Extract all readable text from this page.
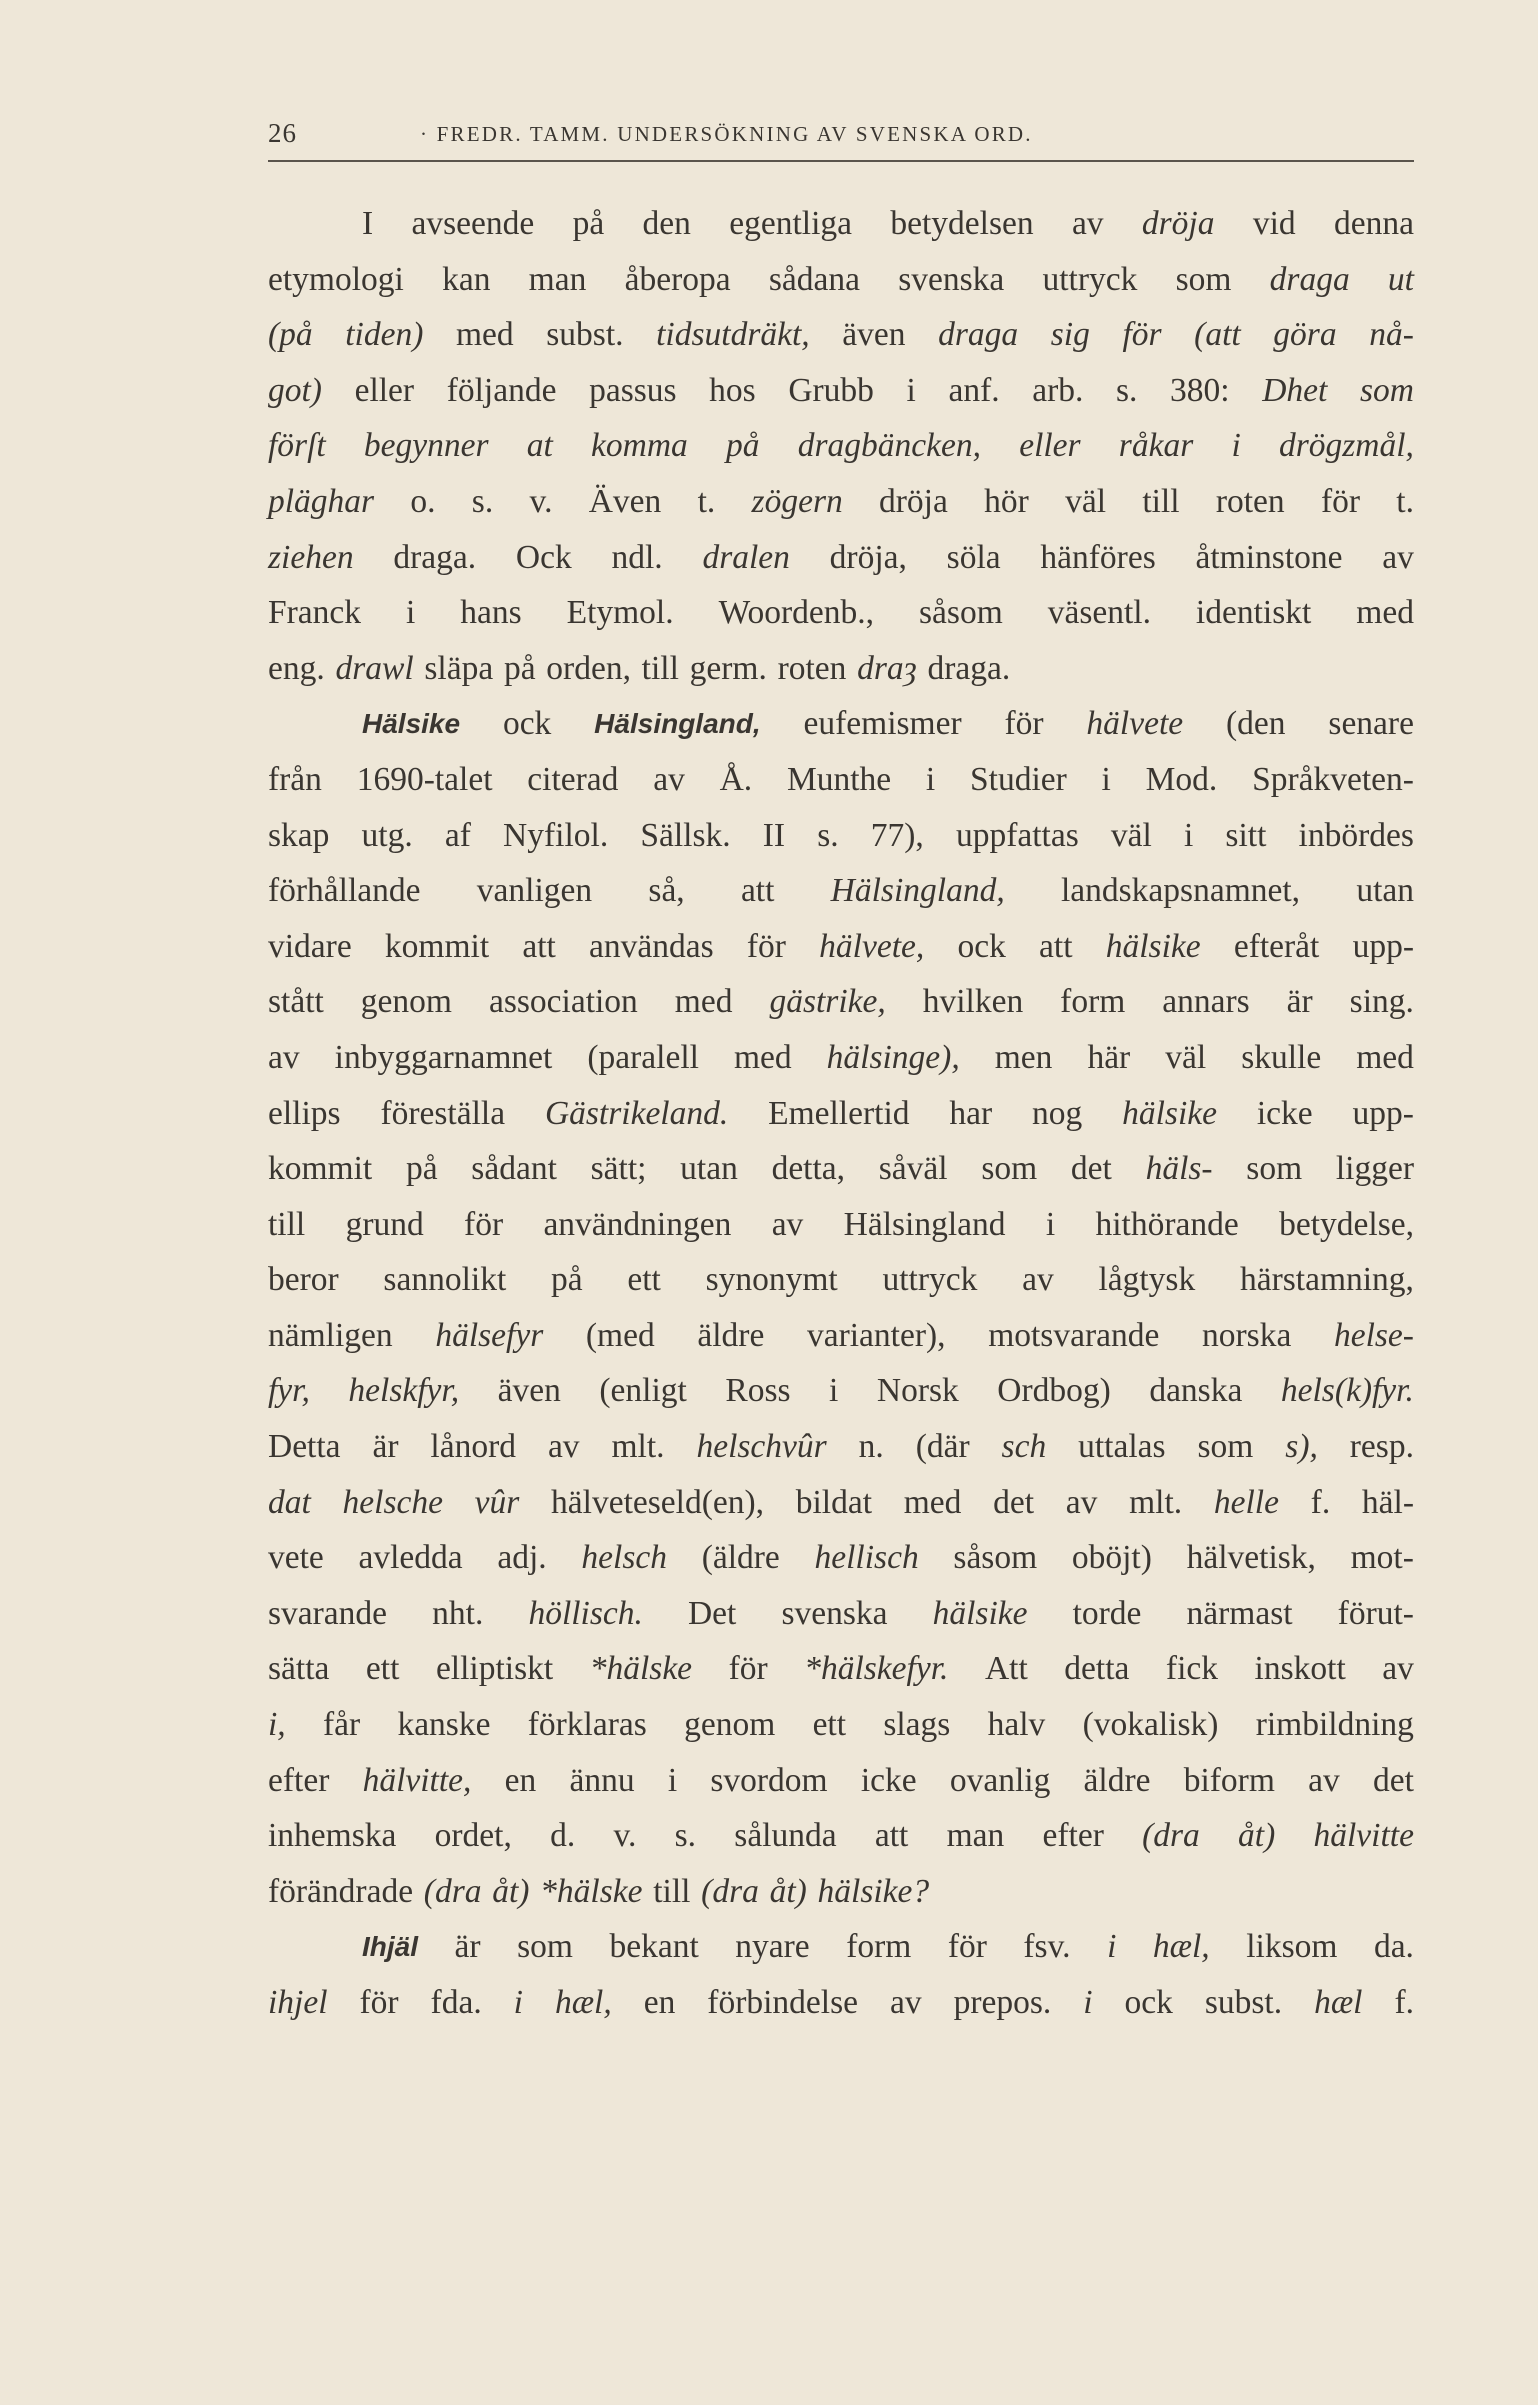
26	· FREDR. TAMM. UNDERSÖKNING AV SVENSKA ORD.
I avseende på den egentliga betydelsen av dröja vid denna
etymologi kan man åberopa sådana svenska uttryck som draga ut
(på tiden) med subst. tidsutdräkt, även draga sig för (att göra nå-
got) eller följande passus hos Grubb i anf. arb. s. 380: Dhet som
förſt begynner at komma på dragbäncken, eller råkar i drögzmål,
pläghar o. s. v. Även t. zögern dröja hör väl till roten för t.
ziehen draga. Ock ndl. dralen dröja, söla hänföres åtminstone av
Franck i hans Etymol. Woordenb., såsom väsentl. identiskt med
eng. drawl släpa på orden, till germ. roten draȝ draga.
Hälsike ock Hälsingland, eufemismer för hälvete (den senare
från 1690-talet citerad av Å. Munthe i Studier i Mod. Språkveten-
skap utg. af Nyfilol. Sällsk. II s. 77), uppfattas väl i sitt inbördes
förhållande vanligen så, att Hälsingland, landskapsnamnet, utan
vidare kommit att användas för hälvete, ock att hälsike efteråt upp-
stått genom association med gästrike, hvilken form annars är sing.
av inbyggarnamnet (paralell med hälsinge), men här väl skulle med
ellips föreställa Gästrikeland. Emellertid har nog hälsike icke upp-
kommit på sådant sätt; utan detta, såväl som det häls- som ligger
till grund för användningen av Hälsingland i hithörande betydelse,
beror sannolikt på ett synonymt uttryck av lågtysk härstamning,
nämligen hälsefyr (med äldre varianter), motsvarande norska helse-
fyr, helskfyr, även (enligt Ross i Norsk Ordbog) danska hels(k)fyr.
Detta är lånord av mlt. helschvûr n. (där sch uttalas som s), resp.
dat helsche vûr hälveteseld(en), bildat med det av mlt. helle f. häl-
vete avledda adj. helsch (äldre hellisch såsom oböjt) hälvetisk, mot-
svarande nht. höllisch. Det svenska hälsike torde närmast förut-
sätta ett elliptiskt *hälske för *hälskefyr. Att detta fick inskott av
i, får kanske förklaras genom ett slags halv (vokalisk) rimbildning
efter hälvitte, en ännu i svordom icke ovanlig äldre biform av det
inhemska ordet, d. v. s. sålunda att man efter (dra åt) hälvitte
förändrade (dra åt) *hälske till (dra åt) hälsike?
Ihjäl är som bekant nyare form för fsv. i hæl, liksom da.
ihjel för fda. i hæl, en förbindelse av prepos. i ock subst. hæl f.
